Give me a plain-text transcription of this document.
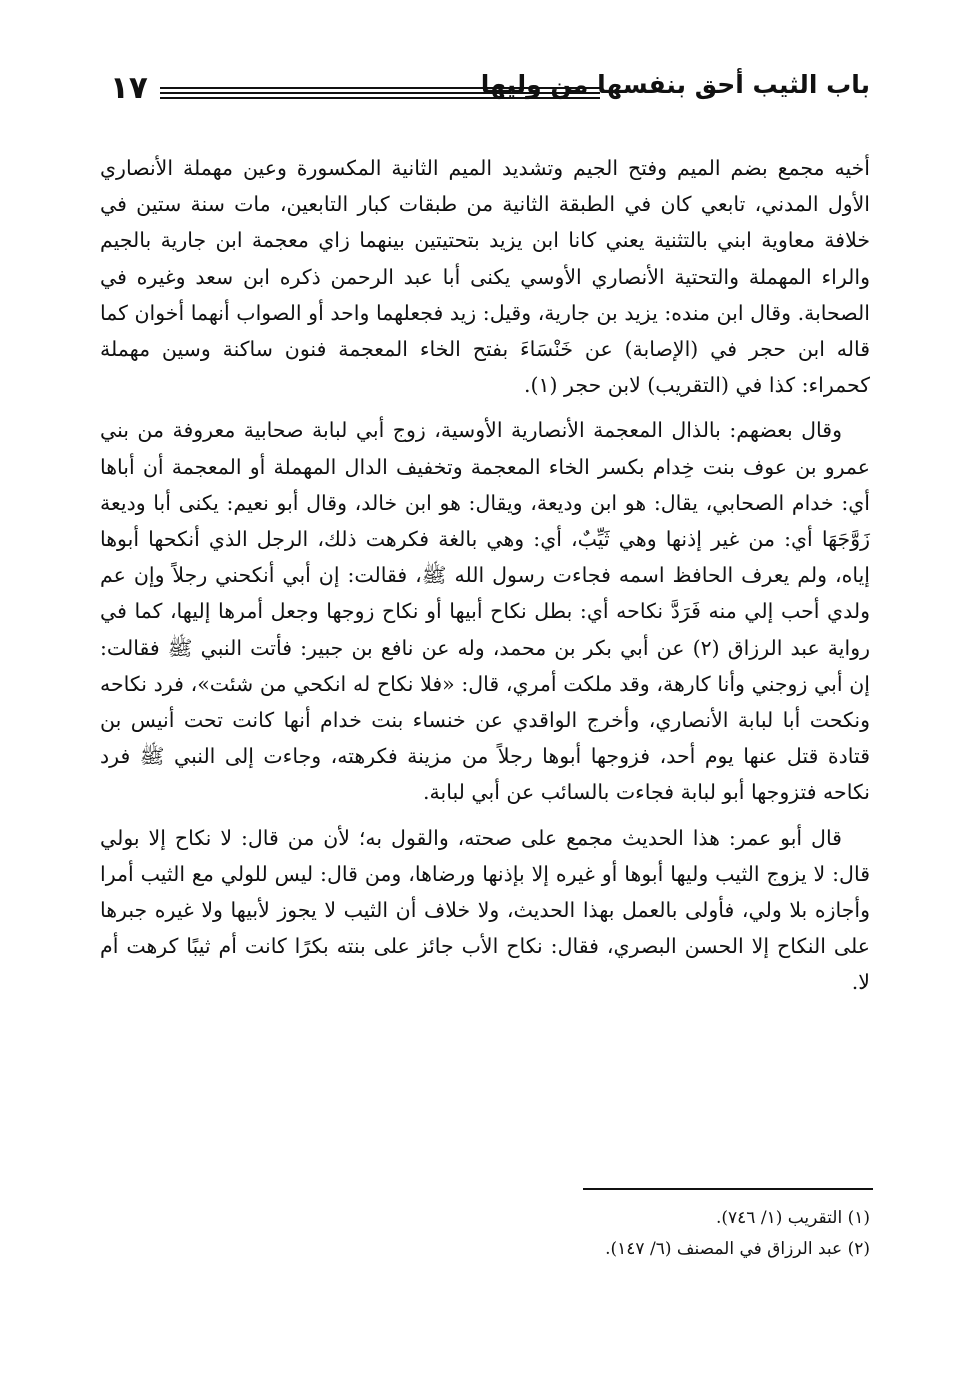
١٧	باب الثيب أحق بنفسها من وليها

أخيه مجمع بضم الميم وفتح الجيم وتشديد الميم الثانية المكسورة وعين مهملة الأنصاري الأول المدني، تابعي كان في الطبقة الثانية من طبقات كبار التابعين، مات سنة ستين في خلافة معاوية ابني بالتثنية يعني كانا ابن يزيد بتحتيتين بينهما زاي معجمة ابن جارية بالجيم والراء المهملة والتحتية الأنصاري الأوسي يكنى أبا عبد الرحمن ذكره ابن سعد وغيره في الصحابة. وقال ابن منده: يزيد بن جارية، وقيل: زيد فجعلهما واحد أو الصواب أنهما أخوان كما قاله ابن حجر في (الإصابة) عن خَنْسَاءَ بفتح الخاء المعجمة فنون ساكنة وسين مهملة كحمراء: كذا في (التقريب) لابن حجر (١).

وقال بعضهم: بالذال المعجمة الأنصارية الأوسية، زوج أبي لبابة صحابية معروفة من بني عمرو بن عوف بنت خِدام بكسر الخاء المعجمة وتخفيف الدال المهملة أو المعجمة أن أباها أي: خدام الصحابي، يقال: هو ابن وديعة، ويقال: هو ابن خالد، وقال أبو نعيم: يكنى أبا وديعة زَوَّجَهَا أي: من غير إذنها وهي ثَيِّبٌ، أي: وهي بالغة فكرهت ذلك، الرجل الذي أنكحها أبوها إياه، ولم يعرف الحافظ اسمه فجاءت رسول الله ﷺ، فقالت: إن أبي أنكحني رجلاً وإن عم ولدي أحب إلي منه فَرَدَّ نكاحه أي: بطل نكاح أبيها أو نكاح زوجها وجعل أمرها إليها، كما في رواية عبد الرزاق (٢) عن أبي بكر بن محمد، وله عن نافع بن جبير: فأتت النبي ﷺ فقالت: إن أبي زوجني وأنا كارهة، وقد ملكت أمري، قال: «فلا نكاح له انكحي من شئت»، فرد نكاحه ونكحت أبا لبابة الأنصاري، وأخرج الواقدي عن خنساء بنت خدام أنها كانت تحت أنيس بن قتادة قتل عنها يوم أحد، فزوجها أبوها رجلاً من مزينة فكرهته، وجاءت إلى النبي ﷺ فرد نكاحه فتزوجها أبو لبابة فجاءت بالسائب عن أبي لبابة.

قال أبو عمر: هذا الحديث مجمع على صحته، والقول به؛ لأن من قال: لا نكاح إلا بولي قال: لا يزوج الثيب وليها أبوها أو غيره إلا بإذنها ورضاها، ومن قال: ليس للولي مع الثيب أمرا وأجازه بلا ولي، فأولى بالعمل بهذا الحديث، ولا خلاف أن الثيب لا يجوز لأبيها ولا غيره جبرها على النكاح إلا الحسن البصري، فقال: نكاح الأب جائز على بنته بكرًا كانت أم ثيبًا كرهت أم لا.

(١) التقريب (١/ ٧٤٦).
(٢) عبد الرزاق في المصنف (٦/ ١٤٧).
